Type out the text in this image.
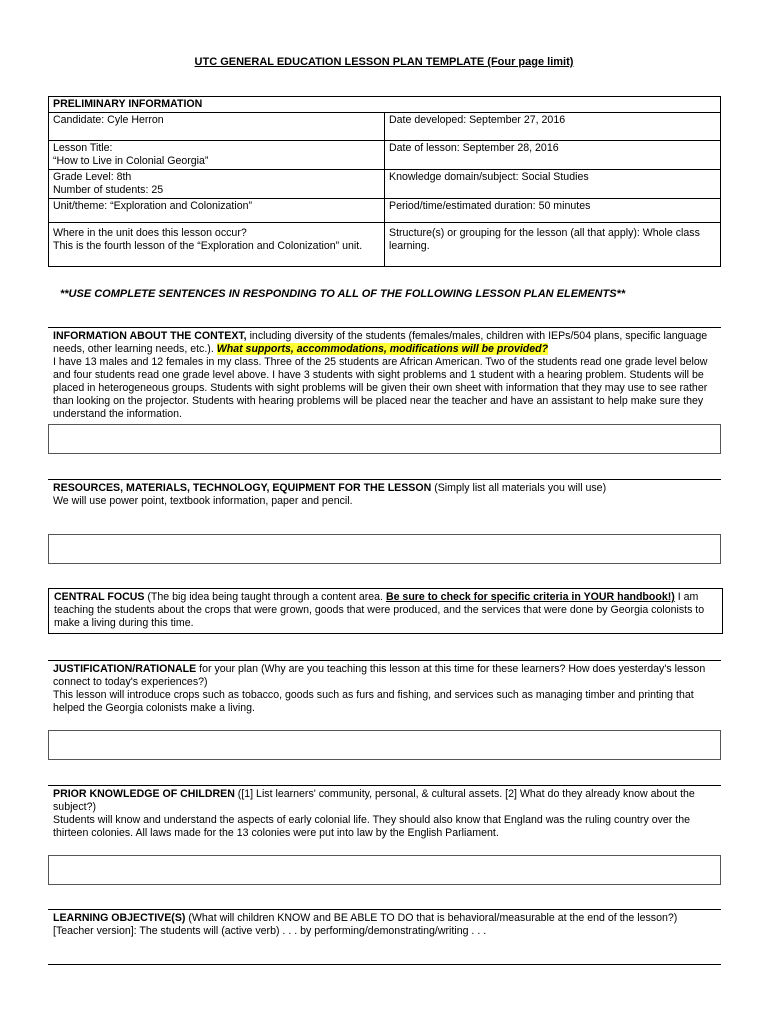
UTC GENERAL EDUCATION LESSON PLAN TEMPLATE (Four page limit)
PRELIMINARY INFORMATION	
Candidate: Cyle Herron	Date developed: September 27, 2016

Lesson Title:
“How to Live in Colonial Georgia”	Date of lesson: September 28, 2016

Grade Level: 8th
Number of students: 25	Knowledge domain/subject: Social Studies
Unit/theme: “Exploration and Colonization”	Period/time/estimated duration: 50 minutes

Where in the unit does this lesson occur?
This is the fourth lesson of the “Exploration and Colonization” unit.	Structure(s) or grouping for the lesson (all that apply): Whole class learning.
**USE COMPLETE SENTENCES IN RESPONDING TO ALL OF THE FOLLOWING LESSON PLAN ELEMENTS**

INFORMATION ABOUT THE CONTEXT, including diversity of the students (females/males, children with IEPs/504 plans, specific language needs, other learning needs, etc.). What supports, accommodations, modifications will be provided?

I have 13 males and 12 females in my class. Three of the 25 students are African American. Two of the students read one grade level below and four students read one grade level above. I have 3 students with sight problems and 1 student with a hearing problem. Students will be placed in heterogeneous groups. Students with sight problems will be given their own sheet with information that they may use to see rather than looking on the projector. Students with hearing problems will be placed near the teacher and have an assistant to help make sure they understand the information.

RESOURCES, MATERIALS, TECHNOLOGY, EQUIPMENT FOR THE LESSON (Simply list all materials you will use)

We will use power point, textbook information, paper and pencil.

CENTRAL FOCUS (The big idea being taught through a content area. Be sure to check for specific criteria in YOUR handbook!) I am teaching the students about the crops that were grown, goods that were produced, and the services that were done by Georgia colonists to make a living during this time.

JUSTIFICATION/RATIONALE for your plan (Why are you teaching this lesson at this time for these learners? How does yesterday's lesson connect to today's experiences?)

This lesson will introduce crops such as tobacco, goods such as furs and fishing, and services such as managing timber and printing that helped the Georgia colonists make a living.

PRIOR KNOWLEDGE OF CHILDREN ([1] List learners' community, personal, & cultural assets. [2] What do they already know about the subject?)

Students will know and understand the aspects of early colonial life. They should also know that England was the ruling country over the thirteen colonies. All laws made for the 13 colonies were put into law by the English Parliament.

LEARNING OBJECTIVE(S) (What will children KNOW and BE ABLE TO DO that is behavioral/measurable at the end of the lesson?)

[Teacher version]: The students will (active verb) . . . by performing/demonstrating/writing . . .
